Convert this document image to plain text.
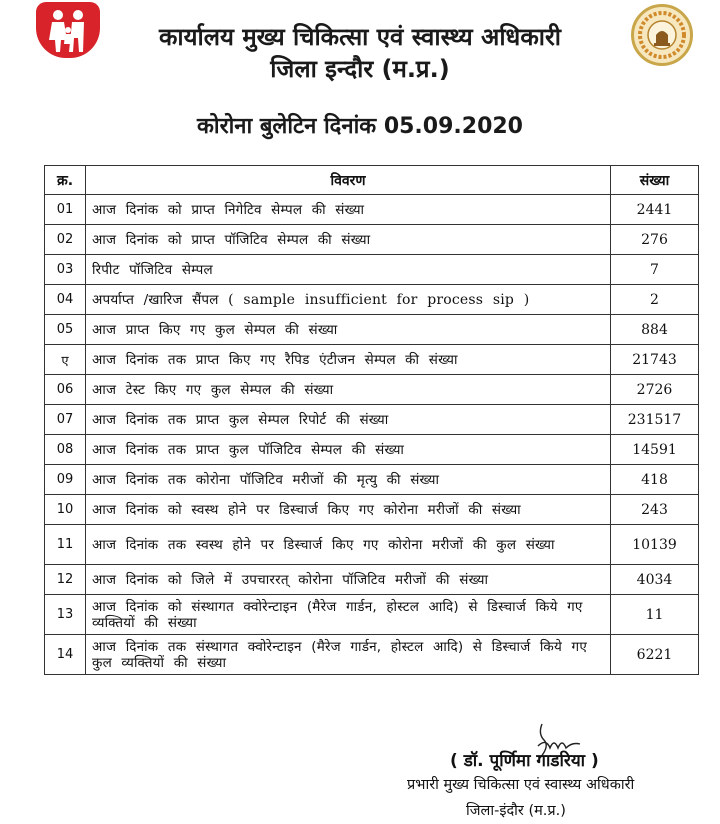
कार्यालय मुख्य चिकित्सा एवं स्वास्थ्य अधिकारी
जिला इन्दौर (म.प्र.)
कोरोना बुलेटिन दिनांक 05.09.2020
क्र.	विवरण	संख्या
01	आज दिनांक को प्राप्त निगेटिव सेम्पल की संख्या	2441
02	आज दिनांक को प्राप्त पॉजिटिव सेम्पल की संख्या	276
03	रिपीट पॉजिटिव सेम्पल	7
04	अपर्याप्त /खारिज सैंपल ( sample insufficient for process sip )	2
05	आज प्राप्त किए गए कुल सेम्पल की संख्या	884
ए	आज दिनांक तक प्राप्त किए गए रैपिड एंटीजन सेम्पल की संख्या	21743
06	आज टेस्ट किए गए कुल सेम्पल की संख्या	2726
07	आज दिनांक तक प्राप्त कुल सेम्पल रिपोर्ट की संख्या	231517
08	आज दिनांक तक प्राप्त कुल पॉजिटिव सेम्पल की संख्या	14591
09	आज दिनांक तक कोरोना पॉजिटिव मरीजों की मृत्यु की संख्या	418
10	आज दिनांक को स्वस्थ होने पर डिस्चार्ज किए गए कोरोना मरीजों की संख्या	243
11	आज दिनांक तक स्वस्थ होने पर डिस्चार्ज किए गए कोरोना मरीजों की कुल संख्या	10139
12	आज दिनांक को जिले में उपचाररत् कोरोना पॉजिटिव मरीजों की संख्या	4034
13	आज दिनांक को संस्थागत क्वोरेन्टाइन (मैरेज गार्डन, होस्टल आदि) से डिस्चार्ज किये गए व्यक्तियों की संख्या	11
14	आज दिनांक तक संस्थागत क्वोरेन्टाइन (मैरेज गार्डन, होस्टल आदि) से डिस्चार्ज किये गए कुल व्यक्तियों की संख्या	6221
( डॉ. पूर्णिमा गाडरिया )
प्रभारी मुख्य चिकित्सा एवं स्वास्थ्य अधिकारी
जिला-इंदौर (म.प्र.)
